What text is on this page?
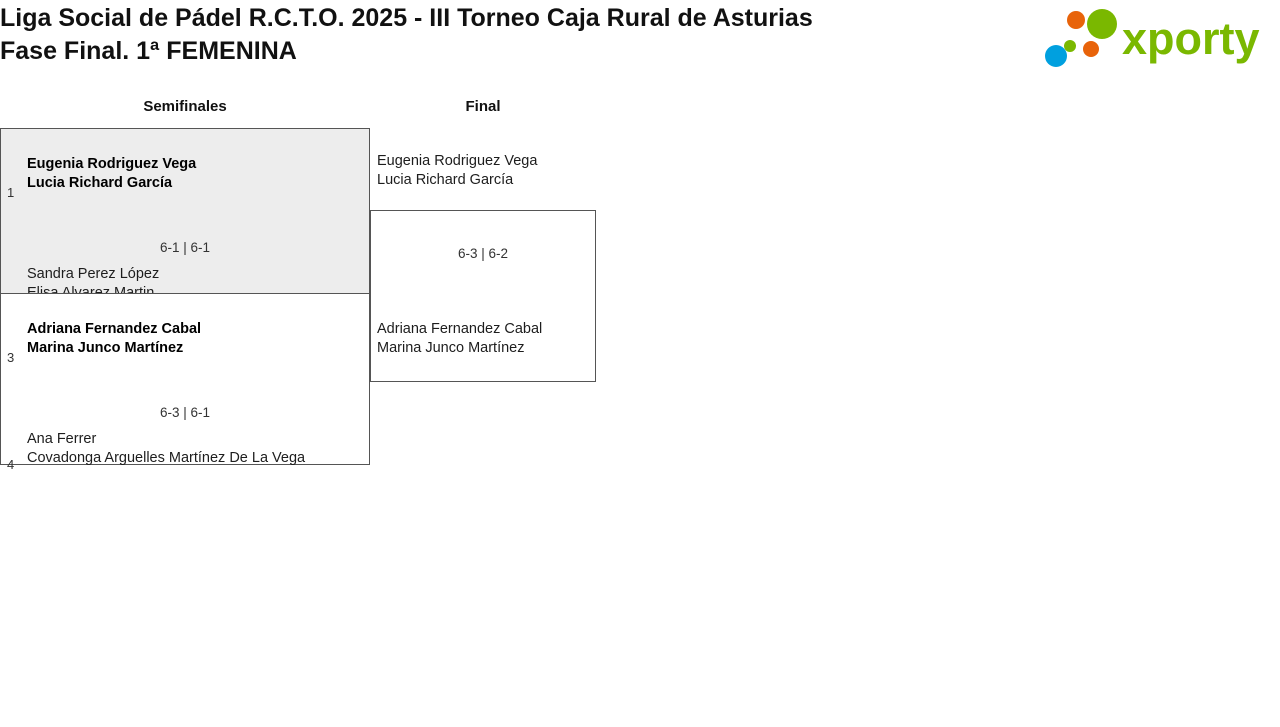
Liga Social de Pádel R.C.T.O. 2025 - III Torneo Caja Rural de Asturias
Fase Final. 1ª FEMENINA	xporty
Semifinales	Final
1
Eugenia Rodriguez Vega
Lucia Richard García
6-1 | 6-1
Sandra Perez López
3
Adriana Fernandez Cabal
Marina Junco Martínez
6-3 | 6-1
4
Ana Ferrer
Covadonga Arguelles Martínez De La Vega
Eugenia Rodriguez Vega
Lucia Richard García
6-3 | 6-2
Adriana Fernandez Cabal
Marina Junco Martínez
